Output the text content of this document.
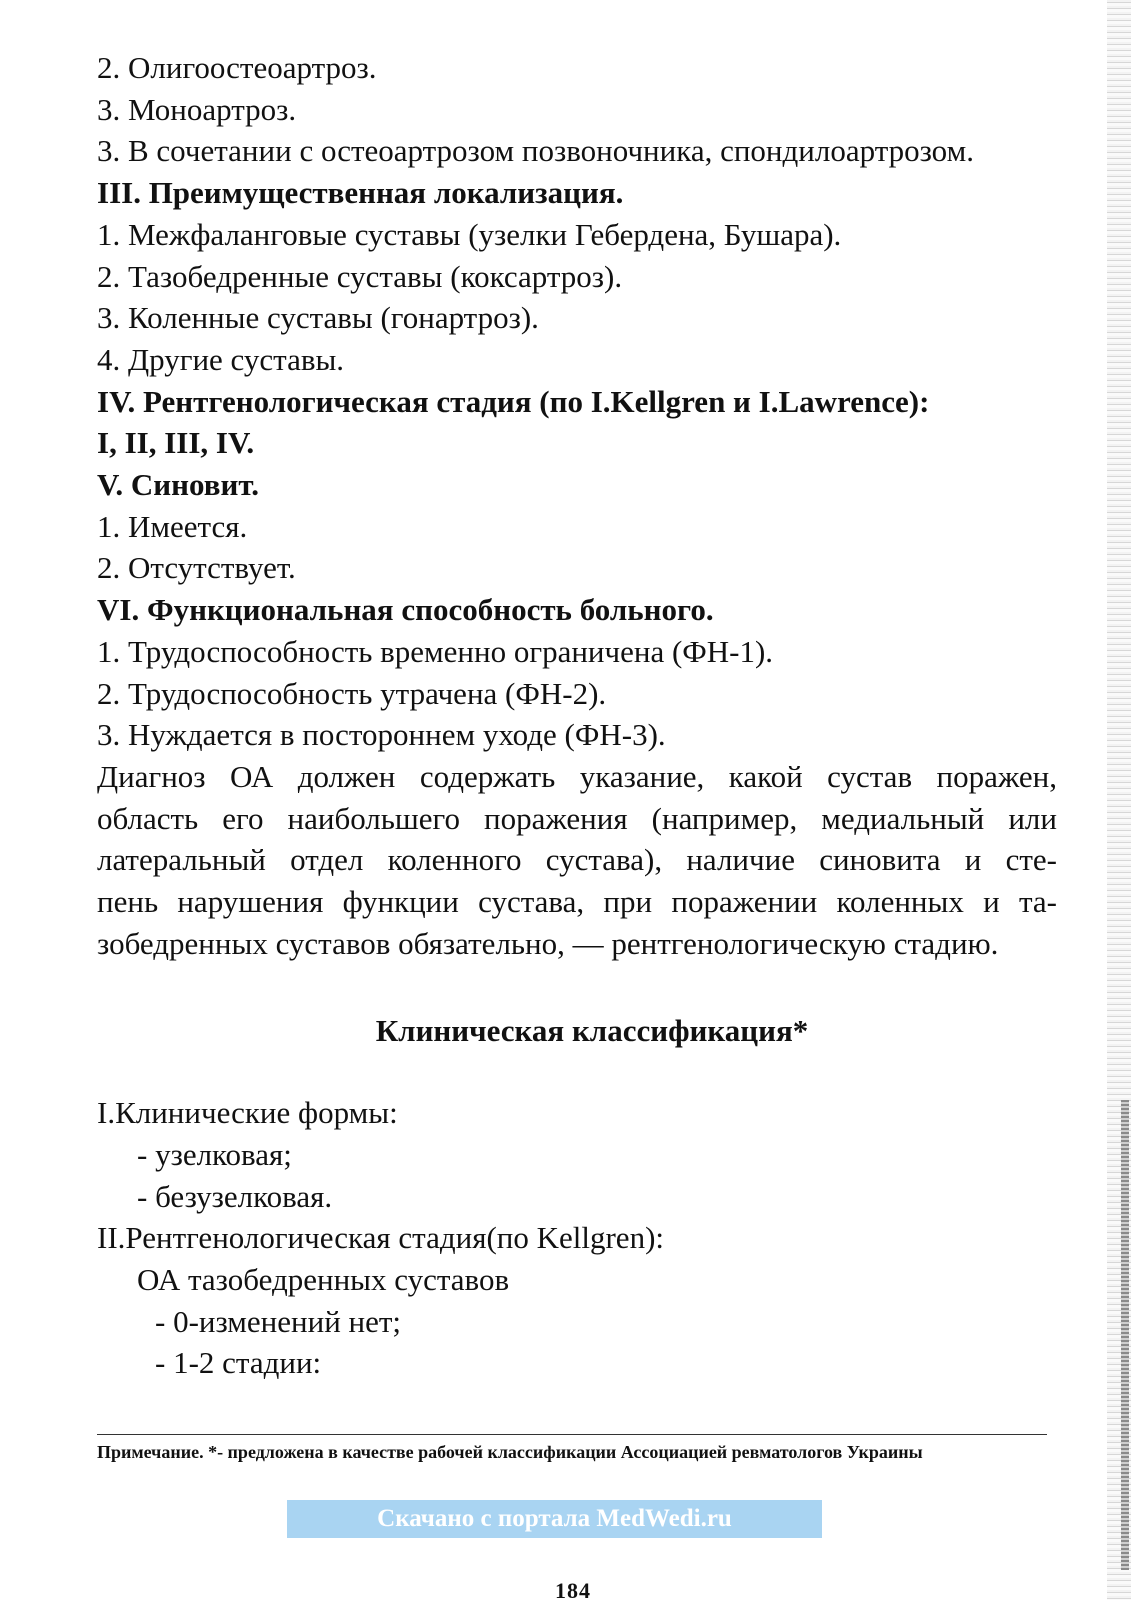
2. Олигоостеоартроз.
3. Моноартроз.
3. В сочетании с остеоартрозом позвоночника, спондилоартрозом.
III. Преимущественная локализация.
1. Межфаланговые суставы (узелки Гебердена, Бушара).
2. Тазобедренные суставы (коксартроз).
3. Коленные суставы (гонартроз).
4. Другие суставы.
IV. Рентгенологическая стадия (по I.Kellgren и I.Lawrence):
I, II, III, IV.
V. Синовит.
1. Имеется.
2. Отсутствует.
VI. Функциональная способность больного.
1. Трудоспособность временно ограничена (ФН-1).
2. Трудоспособность утрачена (ФН-2).
3. Нуждается в постороннем уходе (ФН-3).
Диагноз ОА должен содержать указание, какой сустав поражен,
область его наибольшего поражения (например, медиальный или
латеральный отдел коленного сустава), наличие синовита и сте-
пень нарушения функции сустава, при поражении коленных и та-
зобедренных суставов обязательно, — рентгенологическую стадию.
Клиническая классификация*
I.Клинические формы:
- узелковая;
- безузелковая.
II.Рентгенологическая стадия(по Kellgren):
ОА тазобедренных суставов
- 0-изменений нет;
- 1-2 стадии:
Примечание. *- предложена в качестве рабочей классификации Ассоциацией ревматологов Украины
Скачано с портала MedWedi.ru
184
